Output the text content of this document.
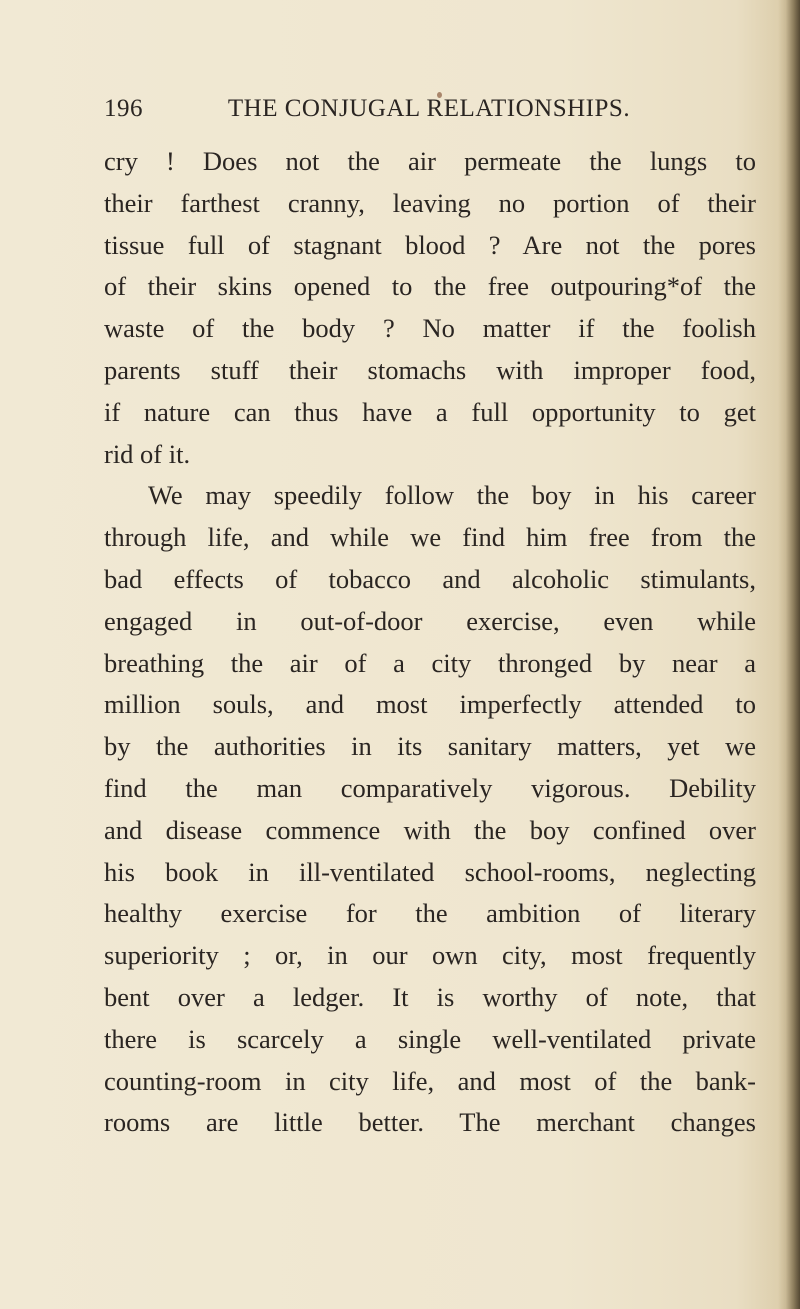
196	THE CONJUGAL RELATIONSHIPS.
cry ! Does not the air permeate the lungs to
their farthest cranny, leaving no portion of their
tissue full of stagnant blood ? Are not the pores
of their skins opened to the free outpouring*of the
waste of the body ? No matter if the foolish
parents stuff their stomachs with improper food,
if nature can thus have a full opportunity to get
rid of it.
We may speedily follow the boy in his career
through life, and while we find him free from the
bad effects of tobacco and alcoholic stimulants,
engaged in out-of-door exercise, even while
breathing the air of a city thronged by near a
million souls, and most imperfectly attended to
by the authorities in its sanitary matters, yet we
find the man comparatively vigorous. Debility
and disease commence with the boy confined over
his book in ill-ventilated school-rooms, neglecting
healthy exercise for the ambition of literary
superiority ; or, in our own city, most frequently
bent over a ledger. It is worthy of note, that
there is scarcely a single well-ventilated private
counting-room in city life, and most of the bank-
rooms are little better. The merchant changes
